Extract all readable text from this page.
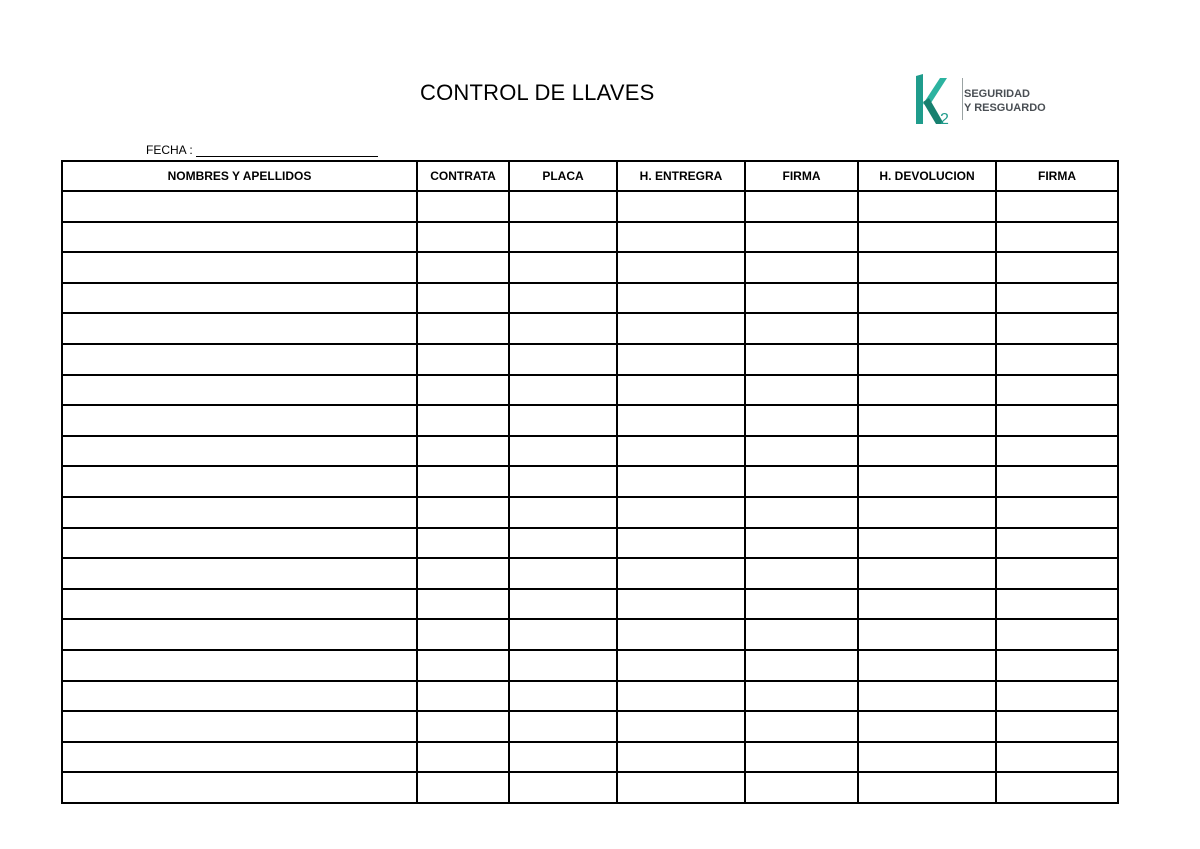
CONTROL DE LLAVES
2
SEGURIDAD
Y RESGUARDO
FECHA :
NOMBRES Y APELLIDOS	CONTRATA	PLACA	H. ENTREGRA	FIRMA	H. DEVOLUCION	FIRMA
